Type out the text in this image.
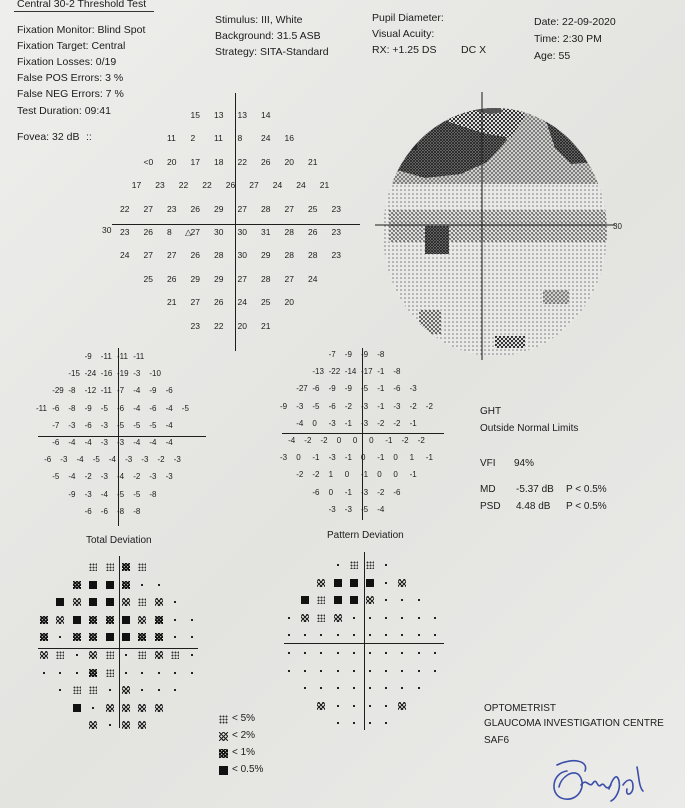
Central 30-2 Threshold Test
Fixation Monitor: Blind Spot
Fixation Target: Central
Fixation Losses: 0/19
False POS Errors: 3 %
False NEG Errors: 7 %
Test Duration: 09:41
Fovea: 32 dB ::
Stimulus: III, White
Background: 31.5 ASB
Strategy: SITA-Standard
Pupil Diameter:
Visual Acuity:
RX: +1.25 DS DC X
Date: 22-09-2020
Time: 2:30 PM
Age: 55
30
15 13 13 14
11 2 11 8 24 16
<0 20 17 18 22 26 20 21
17 23 22 22 26 27 24 24 21
22 27 23 26 29 27 28 27 25 23
23 26 8 27 30 30 31 28 26 23
24 27 27 26 28 30 29 28 28 23
25 26 29 29 27 28 27 24
21 27 26 24 25 20
23 22 20 21
△
30
-9 -11 -11 -11
-15 -24 -16 -19 -3 -10
-29 -8 -12 -11 -7 -4 -9 -6
-11 -6 -8 -9 -5 -6 -4 -6 -4 -5
-7 -3 -6 -3 -5 -5 -5 -4
-6 -4 -4 -3 -3 -4 -4 -4
-6 -3 -4 -5 -4 -3 -3 -2 -3
-5 -4 -2 -3 -4 -2 -3 -3
-9 -3 -4 -5 -5 -8
-6 -6 -8 -8
-7 -9 -9 -8
-13 -22 -14 -17 -1 -8
-27 -6 -9 -9 -5 -1 -6 -3
-9 -3 -5 -6 -2 -3 -1 -3 -2 -2
-4 0 -3 -1 -3 -2 -2 -1
-4 -2 -2 0 0 0 -1 -2 -2
-3 0 -1 -3 -1 0 -1 0 1 -1
-2 -2 1 0 -1 0 0 -1
-6 0 -1 -3 -2 -6
-3 -3 -5 -4
GHT
Outside Normal Limits
VFI 94%
MD -5.37 dB P < 0.5%
PSD 4.48 dB P < 0.5%
Total Deviation	Pattern Deviation
< 5%
< 2%
< 1%
< 0.5%
OPTOMETRIST
GLAUCOMA INVESTIGATION CENTRE
SAF6
